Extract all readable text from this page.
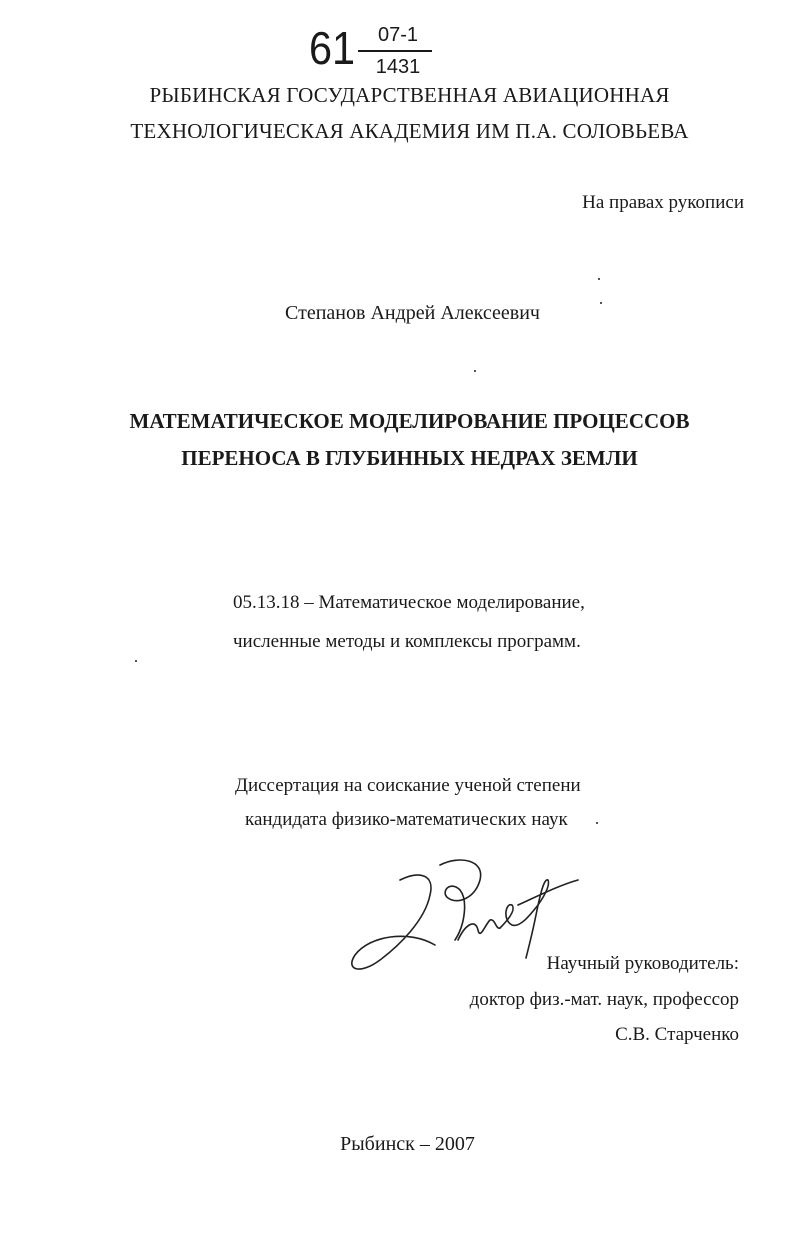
61	07-1
1431
РЫБИНСКАЯ ГОСУДАРСТВЕННАЯ АВИАЦИОННАЯ
ТЕХНОЛОГИЧЕСКАЯ АКАДЕМИЯ ИМ П.А. СОЛОВЬЕВА
На правах рукописи
Степанов Андрей Алексеевич
МАТЕМАТИЧЕСКОЕ МОДЕЛИРОВАНИЕ ПРОЦЕССОВ
ПЕРЕНОСА В ГЛУБИННЫХ НЕДРАХ ЗЕМЛИ
05.13.18 – Математическое моделирование,
численные методы и комплексы программ.
Диссертация на соискание ученой степени
кандидата физико-математических наук
Научный руководитель:
доктор физ.-мат. наук, профессор
С.В. Старченко
Рыбинск – 2007
